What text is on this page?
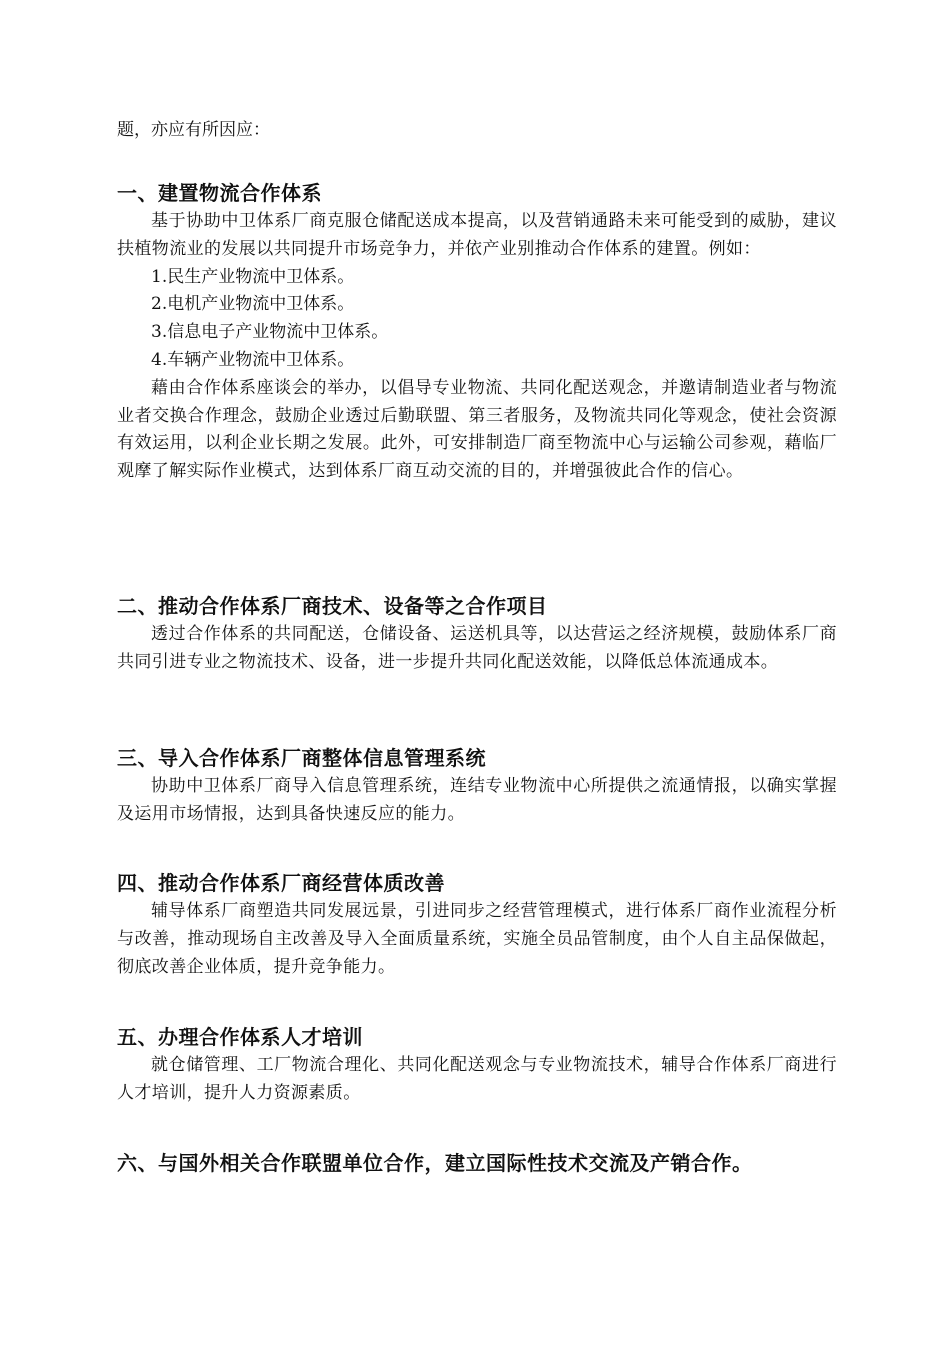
题，亦应有所因应：
一、建置物流合作体系

基于协助中卫体系厂商克服仓储配送成本提高，以及营销通路未来可能受到的威胁，建议扶植物流业的发展以共同提升市场竞争力，并依产业别推动合作体系的建置。例如：

1.民生产业物流中卫体系。

2.电机产业物流中卫体系。

3.信息电子产业物流中卫体系。

4.车辆产业物流中卫体系。

藉由合作体系座谈会的举办，以倡导专业物流、共同化配送观念，并邀请制造业者与物流业者交换合作理念，鼓励企业透过后勤联盟、第三者服务，及物流共同化等观念，使社会资源有效运用，以利企业长期之发展。此外，可安排制造厂商至物流中心与运输公司参观，藉临厂观摩了解实际作业模式，达到体系厂商互动交流的目的，并增强彼此合作的信心。

二、推动合作体系厂商技术、设备等之合作项目

透过合作体系的共同配送，仓储设备、运送机具等，以达营运之经济规模，鼓励体系厂商共同引进专业之物流技术、设备，进一步提升共同化配送效能，以降低总体流通成本。

三、导入合作体系厂商整体信息管理系统

协助中卫体系厂商导入信息管理系统，连结专业物流中心所提供之流通情报，以确实掌握及运用市场情报，达到具备快速反应的能力。

四、推动合作体系厂商经营体质改善

辅导体系厂商塑造共同发展远景，引进同步之经营管理模式，进行体系厂商作业流程分析与改善，推动现场自主改善及导入全面质量系统，实施全员品管制度，由个人自主品保做起，彻底改善企业体质，提升竞争能力。

五、办理合作体系人才培训

就仓储管理、工厂物流合理化、共同化配送观念与专业物流技术，辅导合作体系厂商进行人才培训，提升人力资源素质。

六、与国外相关合作联盟单位合作，建立国际性技术交流及产销合作。
